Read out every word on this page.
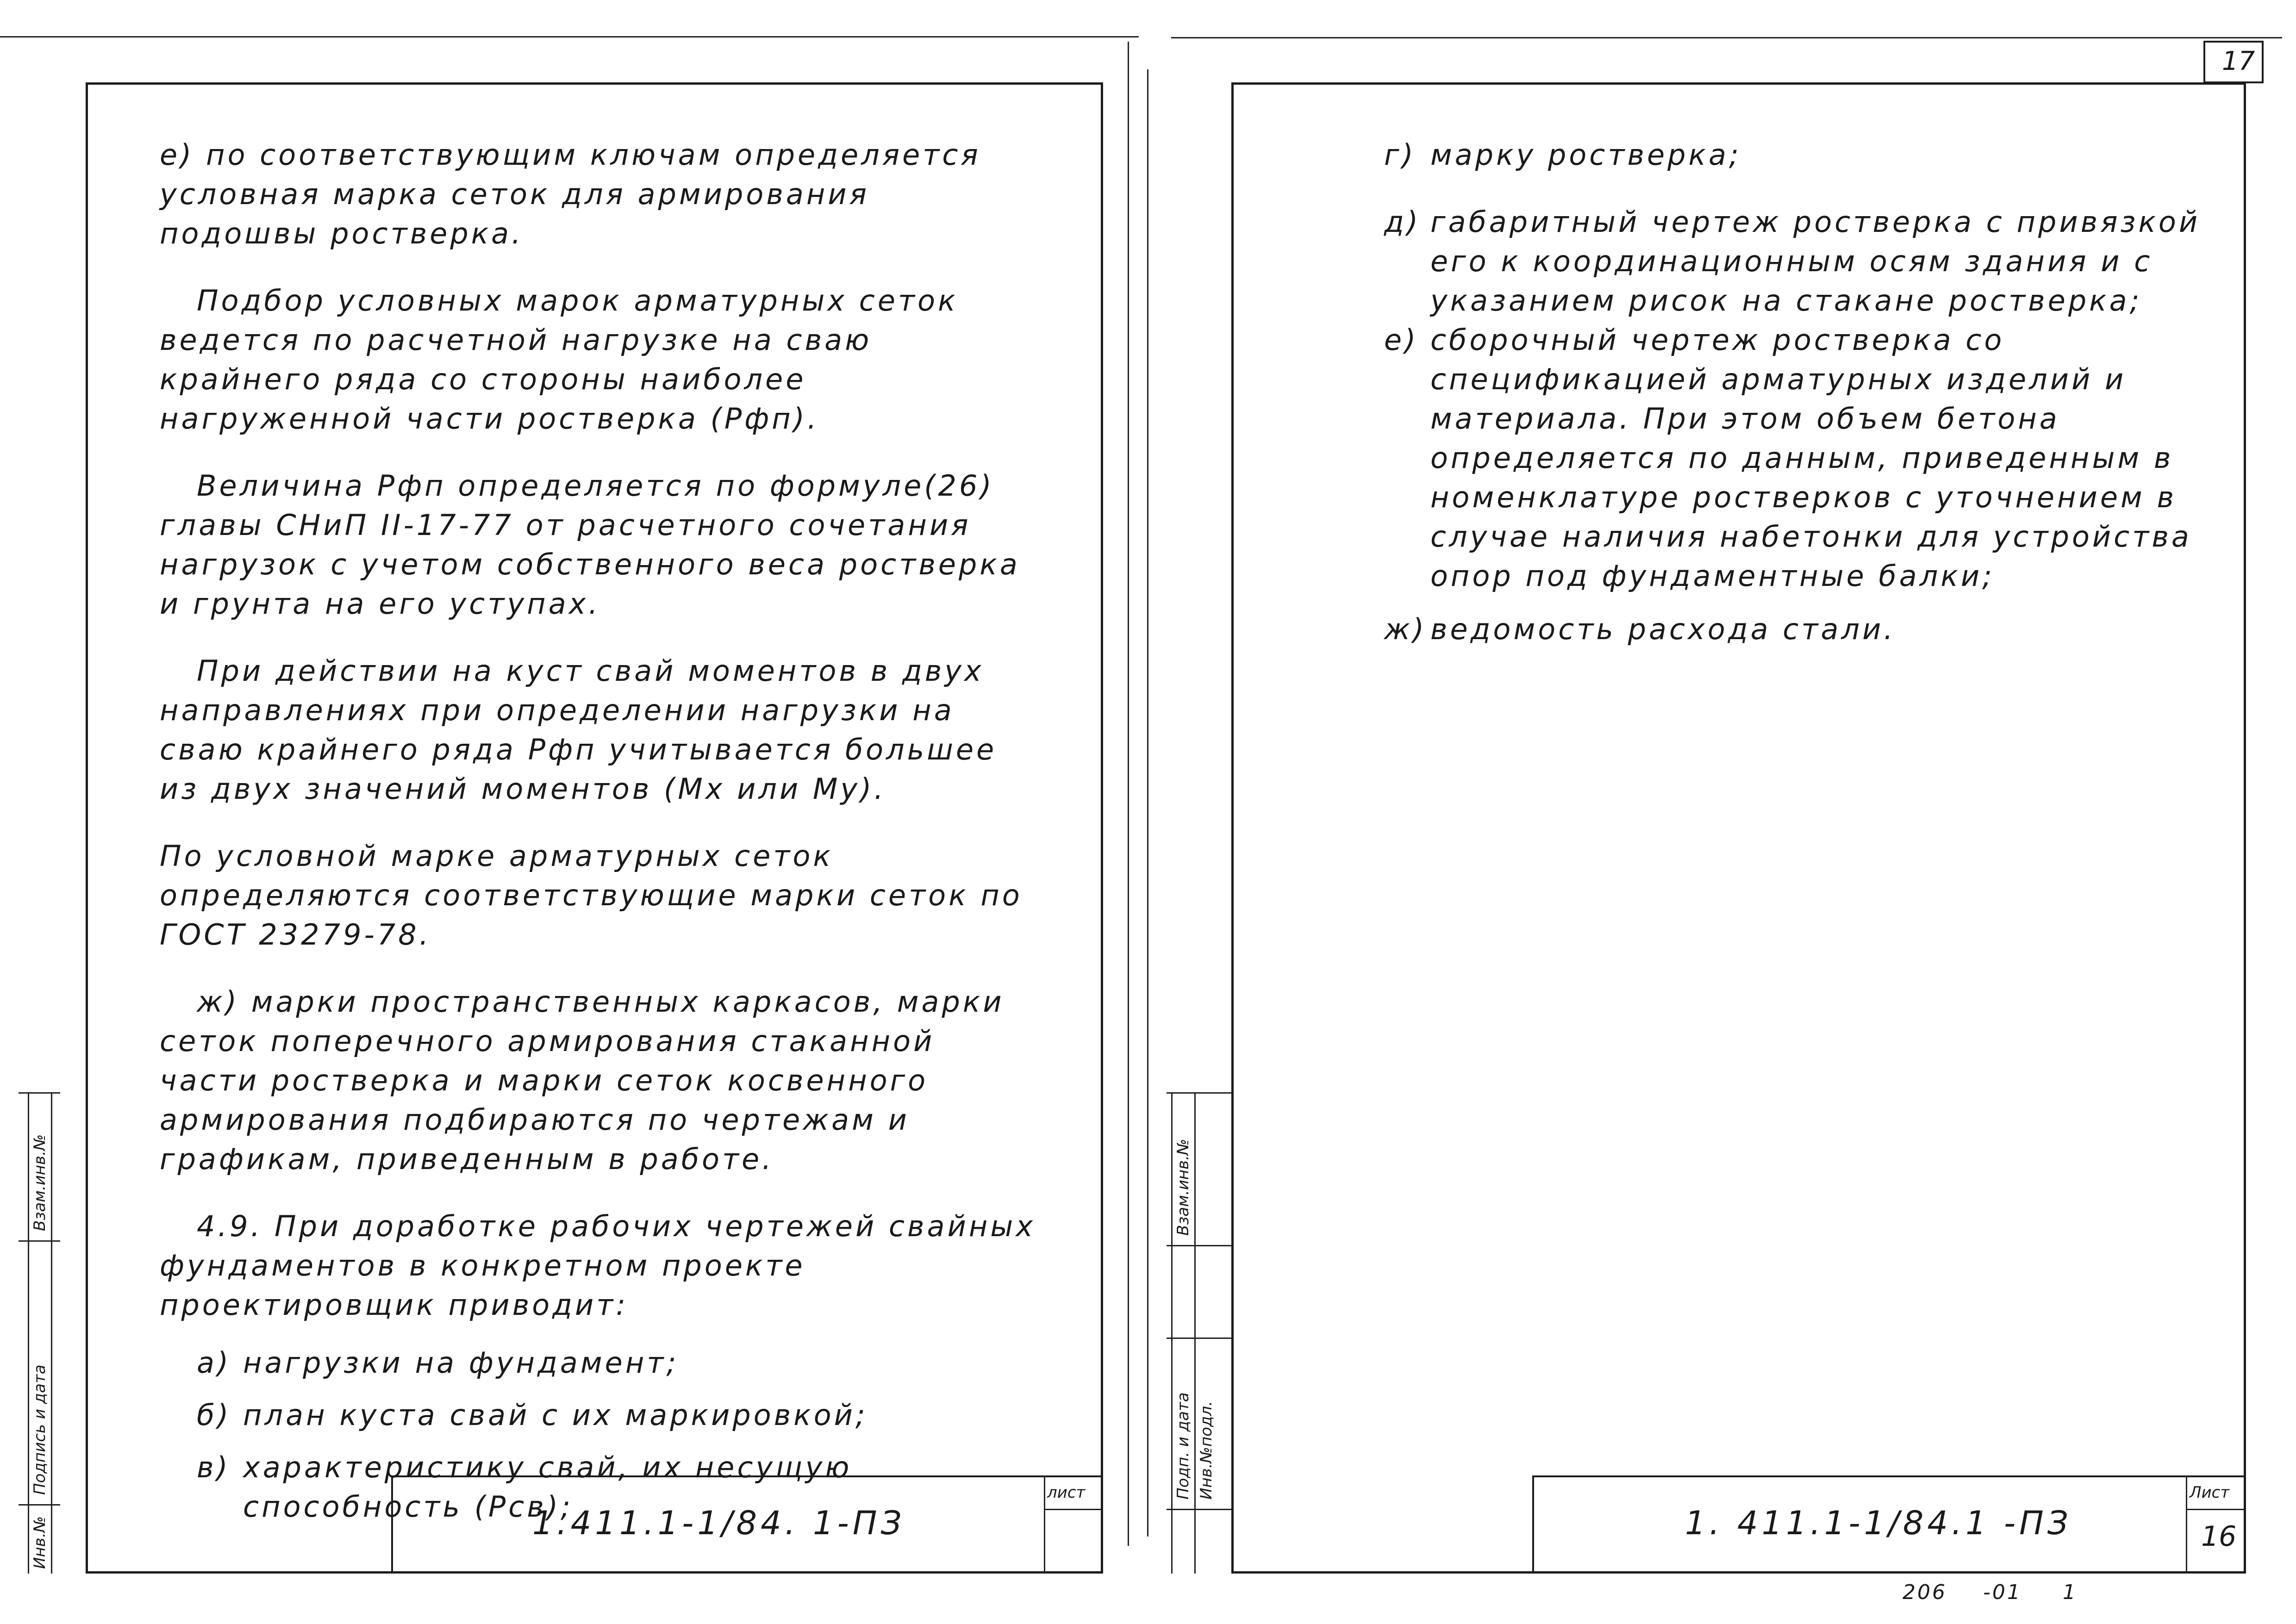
е) по соответствующим ключам определяется условная марка сеток для армирования подошвы ростверка.

Подбор условных марок арматурных сеток ведется по расчетной нагрузке на сваю крайнего ряда со стороны наиболее нагруженной части ростверка (Рфп).

Величина Рфп определяется по формуле(26) главы СНиП II-17-77 от расчетного сочетания нагрузок с учетом собственного веса ростверка и грунта на его уступах.

При действии на куст свай моментов в двух направлениях при определении нагрузки на сваю крайнего ряда Рфп учитывается большее из двух значений моментов (Мх или Му).

По условной марке арматурных сеток определяются соответствующие марки сеток по ГОСТ 23279-78.

ж) марки пространственных каркасов, марки сеток поперечного армирования стаканной части ростверка и марки сеток косвенного армирования подбираются по чертежам и графикам, приведенным в работе.

4.9. При доработке рабочих чертежей свайных фундаментов в конкретном проекте проектировщик приводит:

а) нагрузки на фундамент;
б) план куста свай с их маркировкой;
в) характеристику свай, их несущую способность (Рсв);
1.411.1-1/84. 1-ПЗ
лист
Взам.инв.№
Подпись и дата
Инв.№
17
г) марку ростверка;
д) габаритный чертеж ростверка с привязкой его к координационным осям здания и с указанием рисок на стакане ростверка;
е) сборочный чертеж ростверка со спецификацией арматурных изделий и материала. При этом объем бетона определяется по данным, приведенным в номенклатуре ростверков с уточнением в случае наличия набетонки для устройства опор под фундаментные балки;
ж) ведомость расхода стали.
1. 411.1-1/84.1 -ПЗ
Лист
16
206 -01 1
Взам.инв.№
Подп. и дата Инв.№подл.
